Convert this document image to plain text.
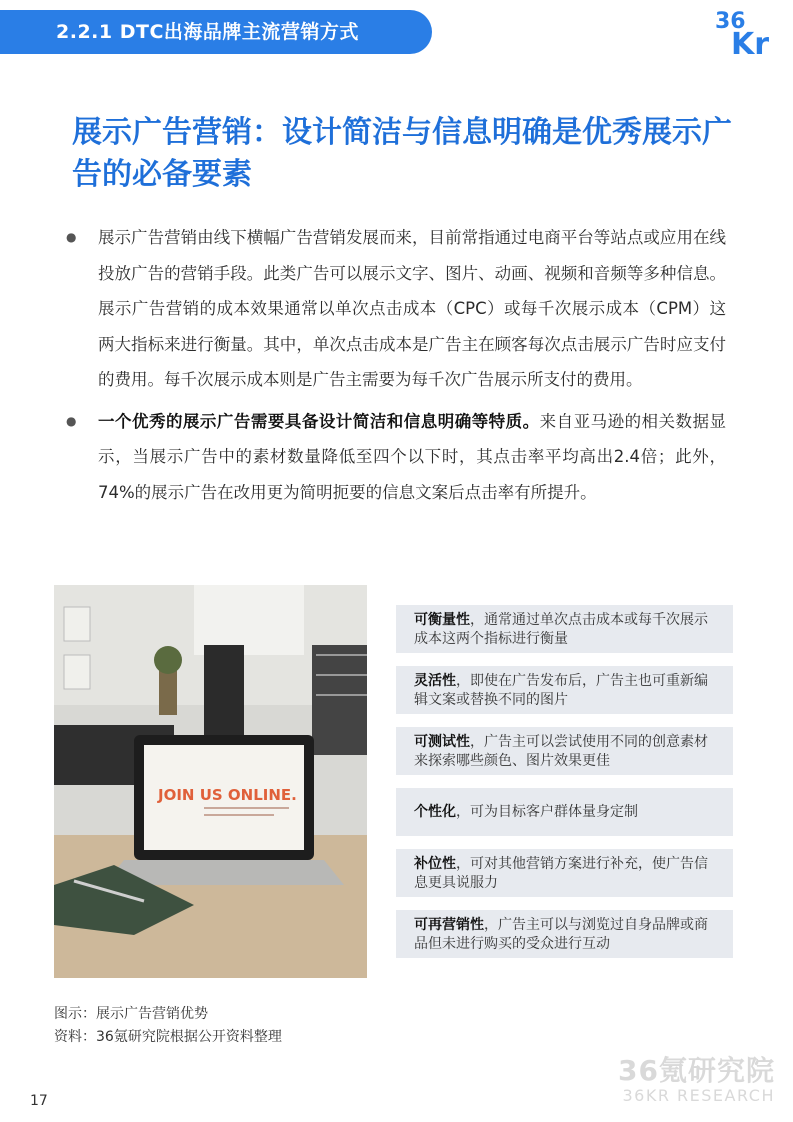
2.2.1 DTC出海品牌主流营销方式	36
Kr
展示广告营销：设计简洁与信息明确是优秀展示广告的必备要素
● 展示广告营销由线下横幅广告营销发展而来，目前常指通过电商平台等站点或应用在线投放广告的营销手段。此类广告可以展示文字、图片、动画、视频和音频等多种信息。展示广告营销的成本效果通常以单次点击成本（CPC）或每千次展示成本（CPM）这两大指标来进行衡量。其中，单次点击成本是广告主在顾客每次点击展示广告时应支付的费用。每千次展示成本则是广告主需要为每千次广告展示所支付的费用。
● 一个优秀的展示广告需要具备设计简洁和信息明确等特质。来自亚马逊的相关数据显示，当展示广告中的素材数量降低至四个以下时，其点击率平均高出2.4倍；此外，74%的展示广告在改用更为简明扼要的信息文案后点击率有所提升。
JOIN US ONLINE.
可衡量性，通常通过单次点击成本或每千次展示成本这两个指标进行衡量
灵活性，即使在广告发布后，广告主也可重新编辑文案或替换不同的图片
可测试性，广告主可以尝试使用不同的创意素材来探索哪些颜色、图片效果更佳
个性化，可为目标客户群体量身定制
补位性，可对其他营销方案进行补充，使广告信息更具说服力
可再营销性，广告主可以与浏览过自身品牌或商品但未进行购买的受众进行互动
图示：展示广告营销优势
资料：36氪研究院根据公开资料整理
36氪研究院
36KR RESEARCH
17
